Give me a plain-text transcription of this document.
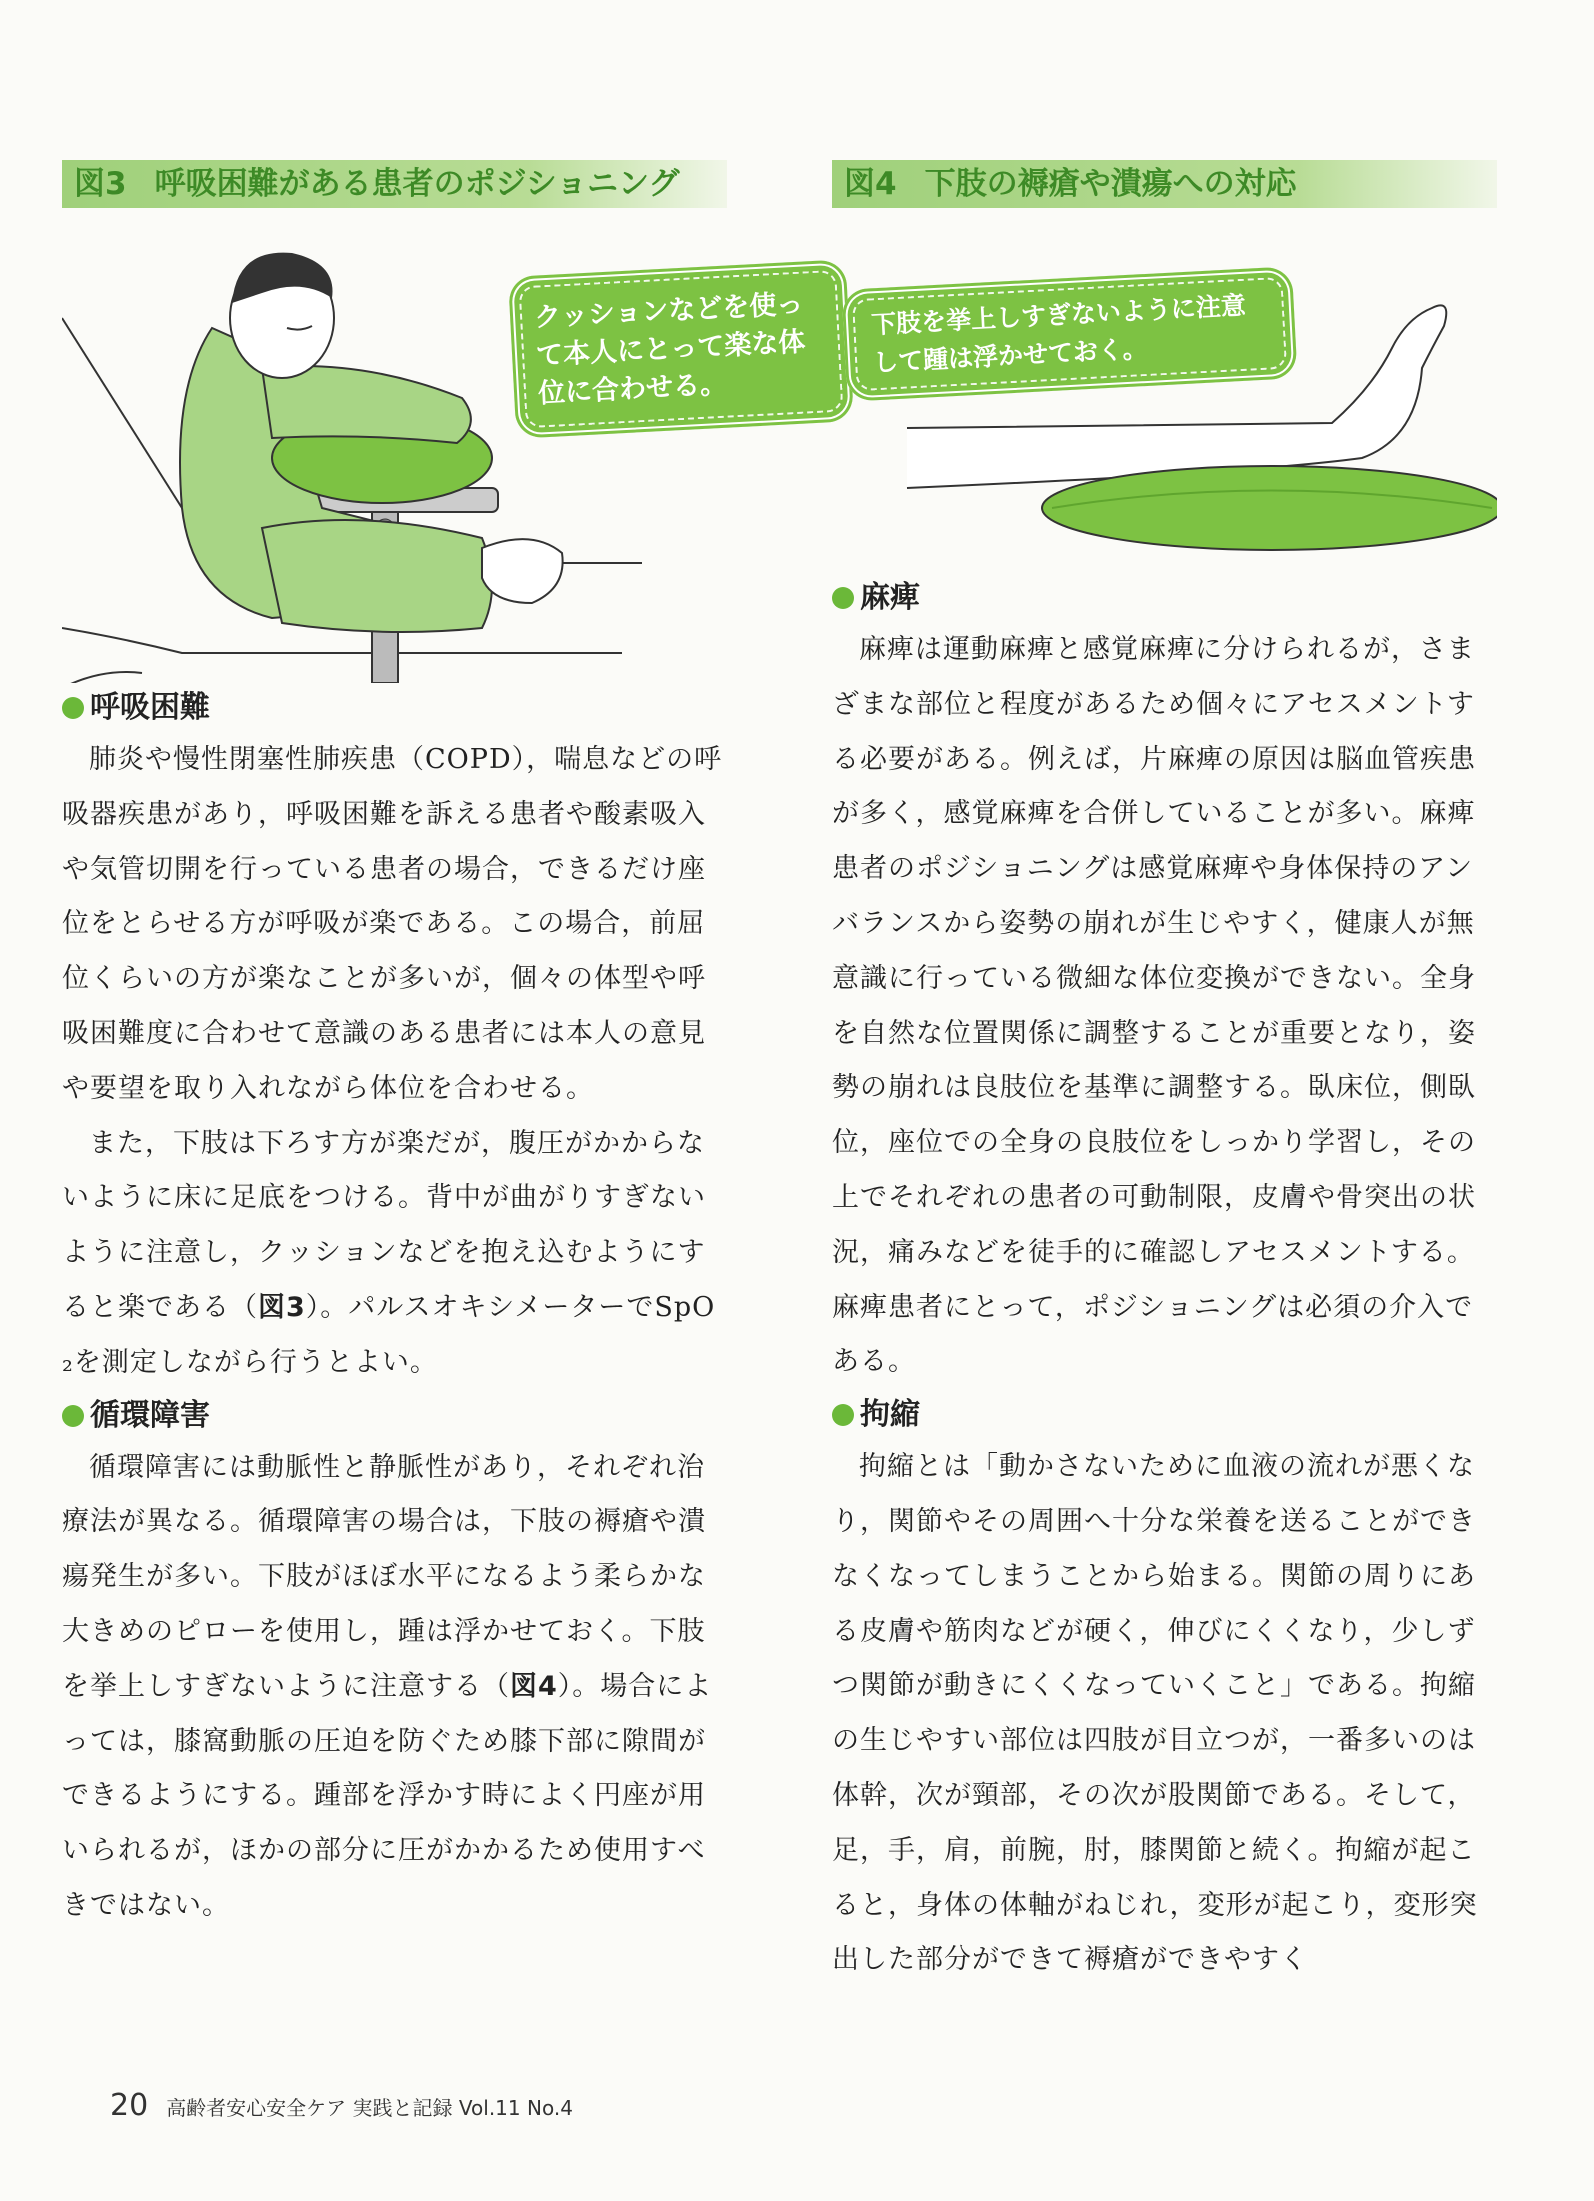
図3 呼吸困難がある患者のポジショニング
クッションなどを使って本人にとって楽な体位に合わせる。
呼吸困難

肺炎や慢性閉塞性肺疾患（COPD），喘息などの呼吸器疾患があり，呼吸困難を訴える患者や酸素吸入や気管切開を行っている患者の場合，できるだけ座位をとらせる方が呼吸が楽である。この場合，前屈位くらいの方が楽なことが多いが，個々の体型や呼吸困難度に合わせて意識のある患者には本人の意見や要望を取り入れながら体位を合わせる。

また，下肢は下ろす方が楽だが，腹圧がかからないように床に足底をつける。背中が曲がりすぎないように注意し，クッションなどを抱え込むようにすると楽である（図3）。パルスオキシメーターでSpO₂を測定しながら行うとよい。

循環障害

循環障害には動脈性と静脈性があり，それぞれ治療法が異なる。循環障害の場合は，下肢の褥瘡や潰瘍発生が多い。下肢がほぼ水平になるよう柔らかな大きめのピローを使用し，踵は浮かせておく。下肢を挙上しすぎないように注意する（図4）。場合によっては，膝窩動脈の圧迫を防ぐため膝下部に隙間ができるようにする。踵部を浮かす時によく円座が用いられるが，ほかの部分に圧がかかるため使用すべきではない。

図4 下肢の褥瘡や潰瘍への対応
下肢を挙上しすぎないように注意して踵は浮かせておく。
麻痺

麻痺は運動麻痺と感覚麻痺に分けられるが，さまざまな部位と程度があるため個々にアセスメントする必要がある。例えば，片麻痺の原因は脳血管疾患が多く，感覚麻痺を合併していることが多い。麻痺患者のポジショニングは感覚麻痺や身体保持のアンバランスから姿勢の崩れが生じやすく，健康人が無意識に行っている微細な体位変換ができない。全身を自然な位置関係に調整することが重要となり，姿勢の崩れは良肢位を基準に調整する。臥床位，側臥位，座位での全身の良肢位をしっかり学習し，その上でそれぞれの患者の可動制限，皮膚や骨突出の状況，痛みなどを徒手的に確認しアセスメントする。麻痺患者にとって，ポジショニングは必須の介入である。

拘縮

拘縮とは「動かさないために血液の流れが悪くなり，関節やその周囲へ十分な栄養を送ることができなくなってしまうことから始まる。関節の周りにある皮膚や筋肉などが硬く，伸びにくくなり，少しずつ関節が動きにくくなっていくこと」である。拘縮の生じやすい部位は四肢が目立つが，一番多いのは体幹，次が頸部，その次が股関節である。そして，足，手，肩，前腕，肘，膝関節と続く。拘縮が起こると，身体の体軸がねじれ，変形が起こり，変形突出した部分ができて褥瘡ができやすく

20 高齢者安心安全ケア 実践と記録 Vol.11 No.4
